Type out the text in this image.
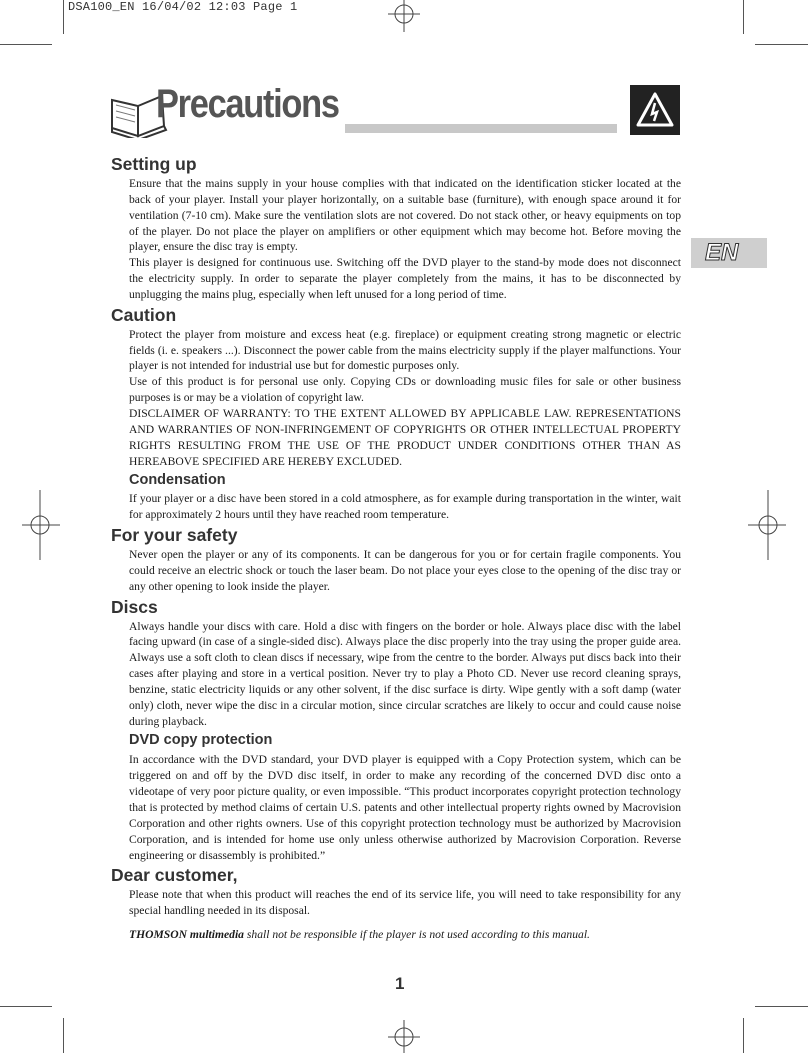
DSA100_EN 16/04/02 12:03 Page 1
Precautions
EN
Setting up

Ensure that the mains supply in your house complies with that indicated on the identification sticker located at the back of your player. Install your player horizontally, on a suitable base (furniture), with enough space around it for ventilation (7-10 cm). Make sure the ventilation slots are not covered. Do not stack other, or heavy equipments on top of the player. Do not place the player on amplifiers or other equipment which may become hot. Before moving the player, ensure the disc tray is empty.

This player is designed for continuous use. Switching off the DVD player to the stand-by mode does not disconnect the electricity supply. In order to separate the player completely from the mains, it has to be disconnected by unplugging the mains plug, especially when left unused for a long period of time.

Caution

Protect the player from moisture and excess heat (e.g. fireplace) or equipment creating strong magnetic or electric fields (i. e. speakers ...). Disconnect the power cable from the mains electricity supply if the player malfunctions. Your player is not intended for industrial use but for domestic purposes only.

Use of this product is for personal use only. Copying CDs or downloading music files for sale or other business purposes is or may be a violation of copyright law.

DISCLAIMER OF WARRANTY: TO THE EXTENT ALLOWED BY APPLICABLE LAW. REPRESENTATIONS AND WARRANTIES OF NON-INFRINGEMENT OF COPYRIGHTS OR OTHER INTELLECTUAL PROPERTY RIGHTS RESULTING FROM THE USE OF THE PRODUCT UNDER CONDITIONS OTHER THAN AS HEREABOVE SPECIFIED ARE HEREBY EXCLUDED.

Condensation

If your player or a disc have been stored in a cold atmosphere, as for example during transportation in the winter, wait for approximately 2 hours until they have reached room temperature.

For your safety

Never open the player or any of its components. It can be dangerous for you or for certain fragile components. You could receive an electric shock or touch the laser beam. Do not place your eyes close to the opening of the disc tray or any other opening to look inside the player.

Discs

Always handle your discs with care. Hold a disc with fingers on the border or hole. Always place disc with the label facing upward (in case of a single-sided disc). Always place the disc properly into the tray using the proper guide area. Always use a soft cloth to clean discs if necessary, wipe from the centre to the border. Always put discs back into their cases after playing and store in a vertical position. Never try to play a Photo CD. Never use record cleaning sprays, benzine, static electricity liquids or any other solvent, if the disc surface is dirty. Wipe gently with a soft damp (water only) cloth, never wipe the disc in a circular motion, since circular scratches are likely to occur and could cause noise during playback.

DVD copy protection

In accordance with the DVD standard, your DVD player is equipped with a Copy Protection system, which can be triggered on and off by the DVD disc itself, in order to make any recording of the concerned DVD disc onto a videotape of very poor picture quality, or even impossible. “This product incorporates copyright protection technology that is protected by method claims of certain U.S. patents and other intellectual property rights owned by Macrovision Corporation and other rights owners. Use of this copyright protection technology must be authorized by Macrovision Corporation, and is intended for home use only unless otherwise authorized by Macrovision Corporation. Reverse engineering or disassembly is prohibited.”

Dear customer,

Please note that when this product will reaches the end of its service life, you will need to take responsibility for any special handling needed in its disposal.

THOMSON multimedia shall not be responsible if the player is not used according to this manual.

1
